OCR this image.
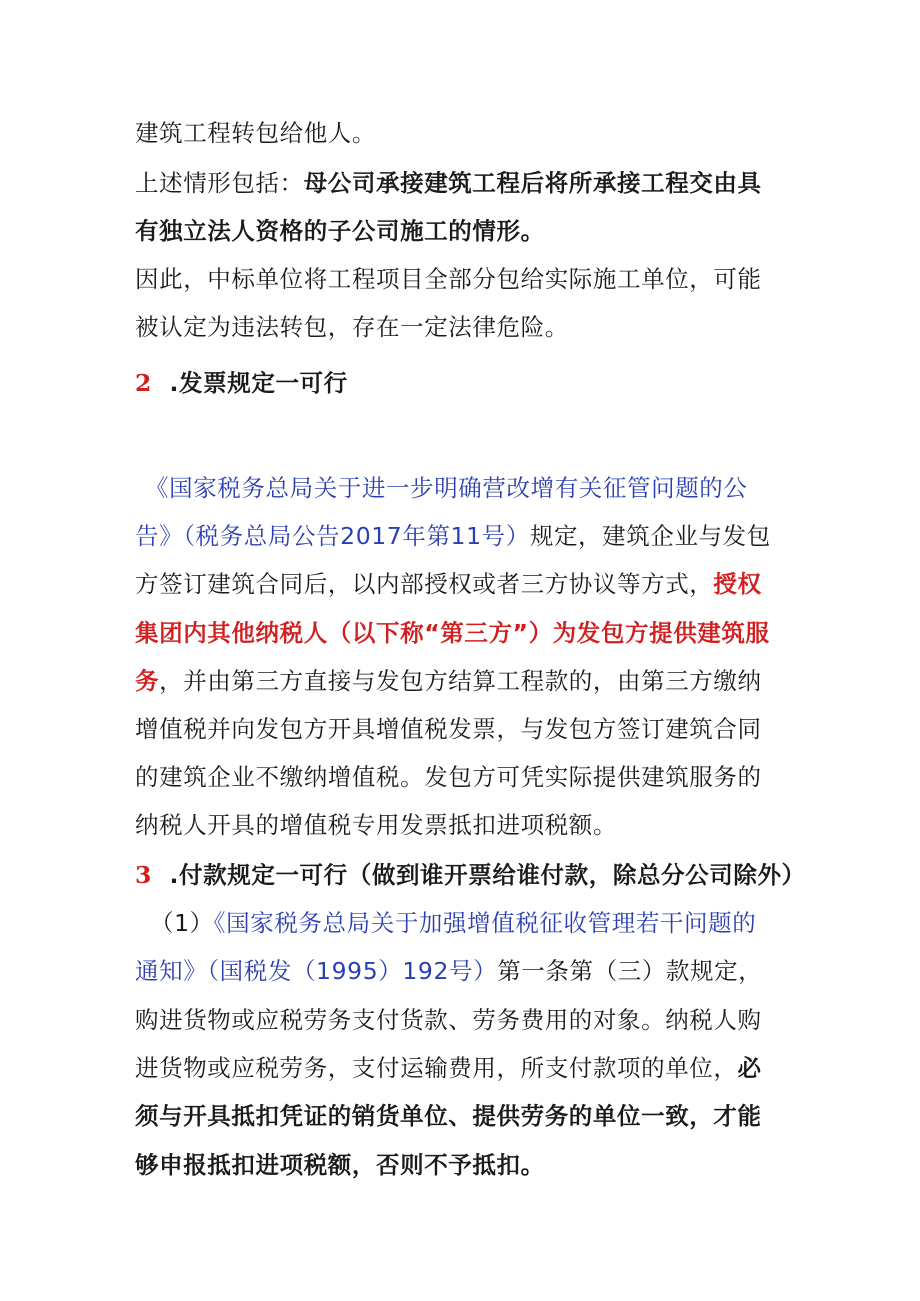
建筑工程转包给他人。

上述情形包括：母公司承接建筑工程后将所承接工程交由具

有独立法人资格的子公司施工的情形。

因此，中标单位将工程项目全部分包给实际施工单位，可能

被认定为违法转包，存在一定法律危险。

2 .发票规定一可行

《国家税务总局关于进一步明确营改增有关征管问题的公

告》（税务总局公告2017年第11号）规定，建筑企业与发包

方签订建筑合同后，以内部授权或者三方协议等方式，授权

集团内其他纳税人（以下称“第三方”）为发包方提供建筑服

务，并由第三方直接与发包方结算工程款的，由第三方缴纳

增值税并向发包方开具增值税发票，与发包方签订建筑合同

的建筑企业不缴纳增值税。发包方可凭实际提供建筑服务的

纳税人开具的增值税专用发票抵扣进项税额。

3 .付款规定一可行（做到谁开票给谁付款，除总分公司除外）

（1）《国家税务总局关于加强增值税征收管理若干问题的

通知》（国税发（1995）192号）第一条第（三）款规定，

购进货物或应税劳务支付货款、劳务费用的对象。纳税人购

进货物或应税劳务，支付运输费用，所支付款项的单位，必

须与开具抵扣凭证的销货单位、提供劳务的单位一致，才能

够申报抵扣进项税额，否则不予抵扣。
